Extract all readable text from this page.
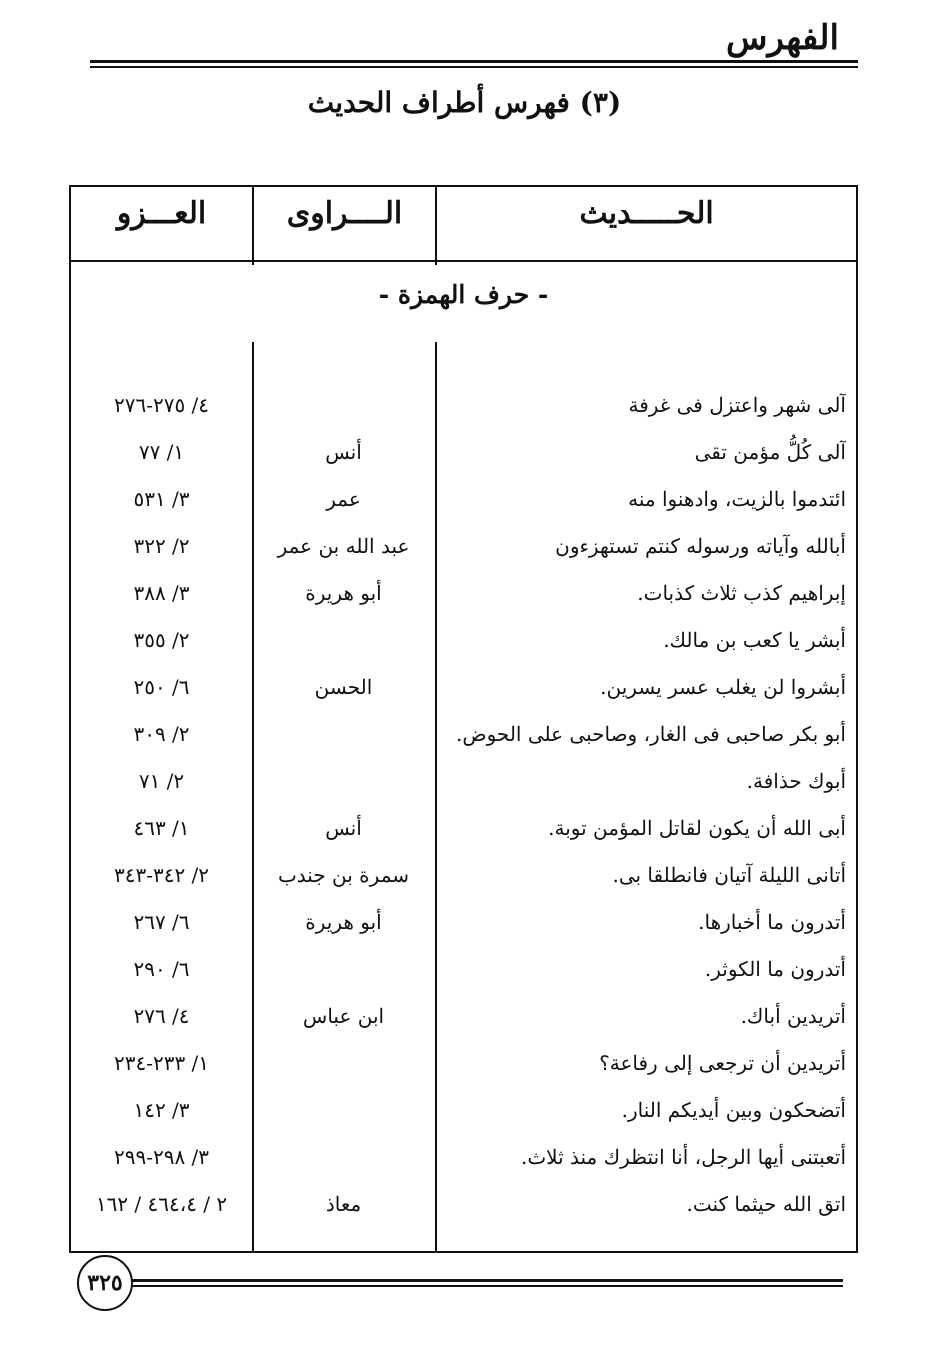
الفهرس
(٣) فهرس أطراف الحديث
الحـــــديث
الــــراوى
العـــزو
- حرف الهمزة -
آلى شهر واعتزل فى غرفة
٤/ ٢٧٥-٢٧٦
آلى كُلُّ مؤمن تقى
أنس
١/ ٧٧
ائتدموا بالزيت، وادهنوا منه
عمر
٣/ ٥٣١
أبالله وآياته ورسوله كنتم تستهزءون
عبد الله بن عمر
٢/ ٣٢٢
إبراهيم كذب ثلاث كذبات.
أبو هريرة
٣/ ٣٨٨
أبشر يا كعب بن مالك.
٢/ ٣٥٥
أبشروا لن يغلب عسر يسرين.
الحسن
٦/ ٢٥٠
أبو بكر صاحبى فى الغار، وصاحبى على الحوض.
٢/ ٣٠٩
أبوك حذافة.
٢/ ٧١
أبى الله أن يكون لقاتل المؤمن توبة.
أنس
١/ ٤٦٣
أتانى الليلة آتيان فانطلقا بى.
سمرة بن جندب
٢/ ٣٤٢-٣٤٣
أتدرون ما أخبارها.
أبو هريرة
٦/ ٢٦٧
أتدرون ما الكوثر.
٦/ ٢٩٠
أتريدين أباك.
ابن عباس
٤/ ٢٧٦
أتريدين أن ترجعى إلى رفاعة؟
١/ ٢٣٣-٢٣٤
أتضحكون وبين أيديكم النار.
٣/ ١٤٢
أتعبتنى أيها الرجل، أنا انتظرك منذ ثلاث.
٣/ ٢٩٨-٢٩٩
اتق الله حيثما كنت.
معاذ
٢ / ٤٦٤،٤ / ١٦٢
٣٢٥
